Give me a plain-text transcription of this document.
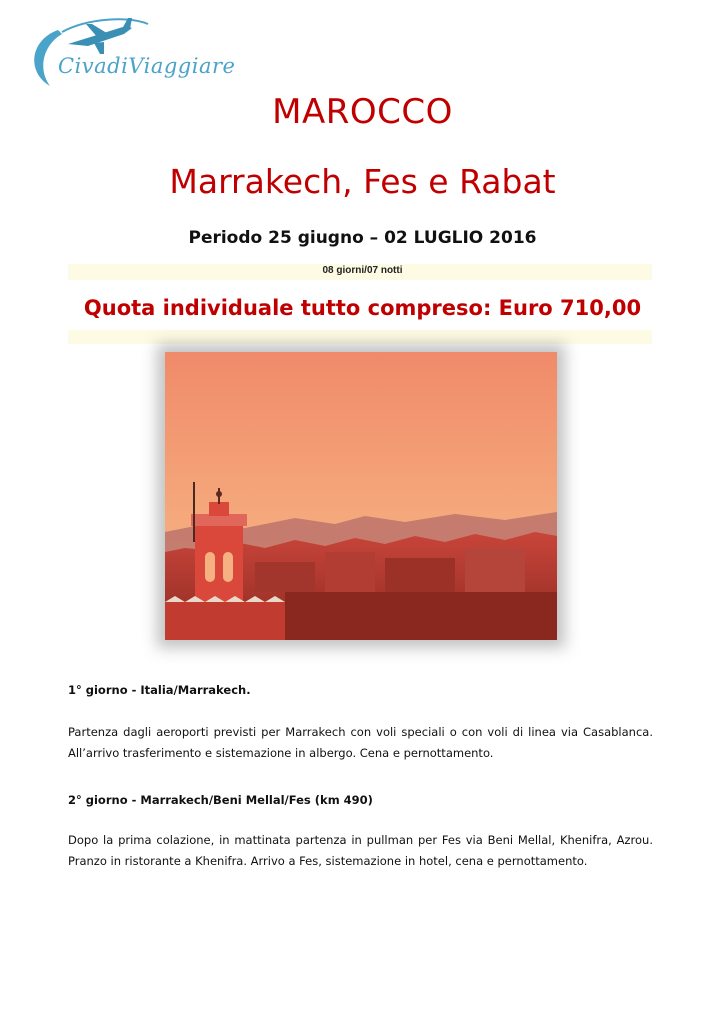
CivadiViaggiare
MAROCCO
Marrakech, Fes e Rabat
Periodo 25 giugno – 02 LUGLIO 2016
08 giorni/07 notti
Quota individuale tutto compreso: Euro 710,00
1° giorno - Italia/Marrakech.
Partenza dagli aeroporti previsti per Marrakech con voli speciali o con voli di linea via Casablanca. All’arrivo trasferimento e sistemazione in albergo. Cena e pernottamento.
2° giorno - Marrakech/Beni Mellal/Fes (km 490)
Dopo la prima colazione, in mattinata partenza in pullman per Fes via Beni Mellal, Khenifra, Azrou. Pranzo in ristorante a Khenifra. Arrivo a Fes, sistemazione in hotel, cena e pernottamento.
